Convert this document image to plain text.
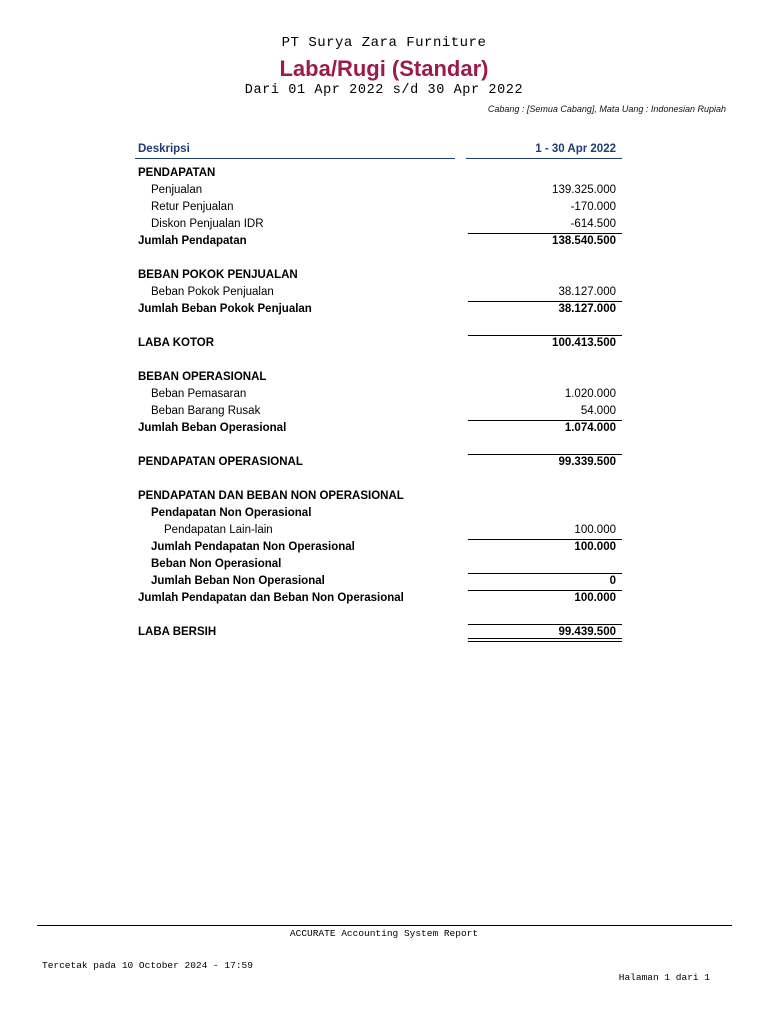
PT Surya Zara Furniture
Laba/Rugi (Standar)
Dari 01 Apr 2022 s/d 30 Apr 2022
Cabang : [Semua Cabang], Mata Uang : Indonesian Rupiah
Deskripsi	1 - 30 Apr 2022
PENDAPATAN
Penjualan	139.325.000
Retur Penjualan	-170.000
Diskon Penjualan IDR	-614.500
Jumlah Pendapatan	138.540.500
BEBAN POKOK PENJUALAN
Beban Pokok Penjualan	38.127.000
Jumlah Beban Pokok Penjualan	38.127.000
LABA KOTOR	100.413.500
BEBAN OPERASIONAL
Beban Pemasaran	1.020.000
Beban Barang Rusak	54.000
Jumlah Beban Operasional	1.074.000
PENDAPATAN OPERASIONAL	99.339.500
PENDAPATAN DAN BEBAN NON OPERASIONAL
Pendapatan Non Operasional
Pendapatan Lain-lain	100.000
Jumlah Pendapatan Non Operasional	100.000
Beban Non Operasional
Jumlah Beban Non Operasional	0
Jumlah Pendapatan dan Beban Non Operasional	100.000
LABA BERSIH	99.439.500
ACCURATE Accounting System Report
Tercetak pada 10 October 2024 - 17:59
Halaman 1 dari 1
